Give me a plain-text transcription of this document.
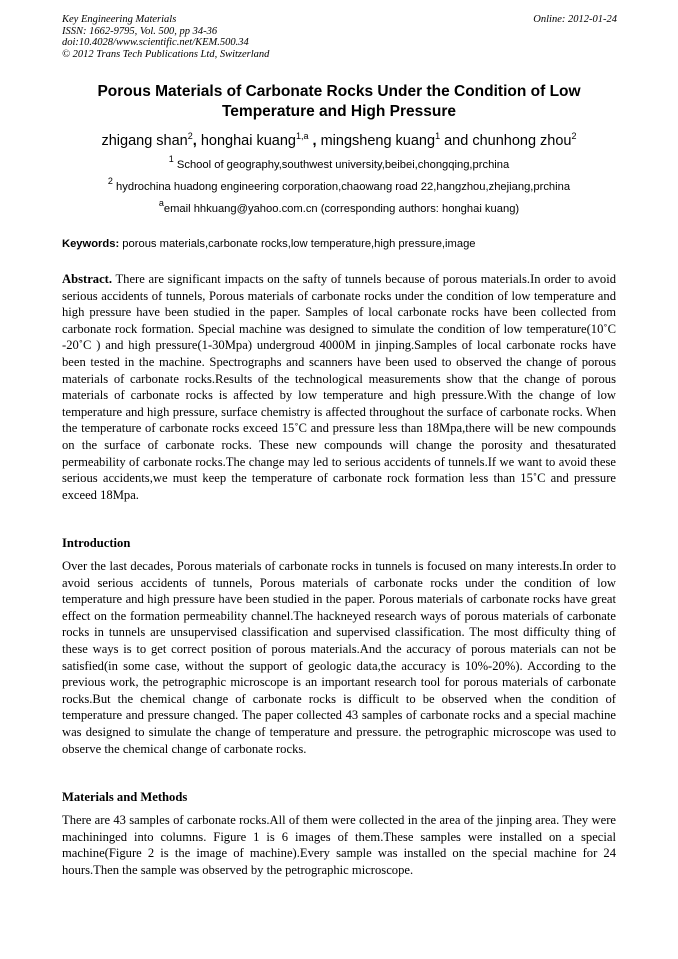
Key Engineering Materials
ISSN: 1662-9795, Vol. 500, pp 34-36
doi:10.4028/www.scientific.net/KEM.500.34
© 2012 Trans Tech Publications Ltd, Switzerland
Online: 2012-01-24
Porous Materials of Carbonate Rocks Under the Condition of Low Temperature and High Pressure
zhigang shan$^2$, honghai kuang$^{1,a}$ , mingsheng kuang$^1$ and chunhong zhou$^2$
$^1$ School of geography,southwest university,beibei,chongqing,prchina
$^2$ hydrochina huadong engineering corporation,chaowang road 22,hangzhou,zhejiang,prchina
$^a$email hhkuang@yahoo.com.cn (corresponding authors: honghai kuang)
Keywords: porous materials,carbonate rocks,low temperature,high pressure,image
Abstract. There are significant impacts on the safty of tunnels because of porous materials.In order to avoid serious accidents of tunnels, Porous materials of carbonate rocks under the condition of low temperature and high pressure have been studied in the paper. Samples of local carbonate rocks have been collected from carbonate rock formation. Special machine was designed to simulate the condition of low temperature(10˚C -20˚C ) and high pressure(1-30Mpa) undergroud 4000M in jinping.Samples of local carbonate rocks have been tested in the machine. Spectrographs and scanners have been used to observed the change of porous materials of carbonate rocks.Results of the technological measurements show that the change of porous materials of carbonate rocks is affected by low temperature and high pressure.With the change of low temperature and high pressure, surface chemistry is affected throughout the surface of carbonate rocks. When the temperature of carbonate rocks exceed 15˚C and pressure less than 18Mpa,there will be new compounds on the surface of carbonate rocks. These new compounds will change the porosity and thesaturated permeability of carbonate rocks.The change may led to serious accidents of tunnels.If we want to avoid these serious accidents,we must keep the temperature of carbonate rock formation less than 15˚C and pressure exceed 18Mpa.
Introduction
Over the last decades, Porous materials of carbonate rocks in tunnels is focused on many interests.In order to avoid serious accidents of tunnels, Porous materials of carbonate rocks under the condition of low temperature and high pressure have been studied in the paper. Porous materials of carbonate rocks have great effect on the formation permeability channel.The hackneyed research ways of porous materials of carbonate rocks in tunnels are unsupervised classification and supervised classification. The most difficulty thing of these ways is to get correct position of porous materials.And the accuracy of porous materials can not be satisfied(in some case, without the support of geologic data,the accuracy is 10%-20%). According to the previous work, the petrographic microscope is an important research tool for porous materials of carbonate rocks.But the chemical change of carbonate rocks is difficult to be observed when the condition of temperature and pressure changed. The paper collected 43 samples of carbonate rocks and a special machine was designed to simulate the change of temperature and pressure. the petrographic microscope was used to observe the chemical change of carbonate rocks.
Materials and Methods
There are 43 samples of carbonate rocks.All of them were collected in the area of the jinping area. They were machininged into columns. Figure 1 is 6 images of them.These samples were installed on a special machine(Figure 2 is the image of machine).Every sample was installed on the special machine for 24 hours.Then the sample was observed by the petrographic microscope.
